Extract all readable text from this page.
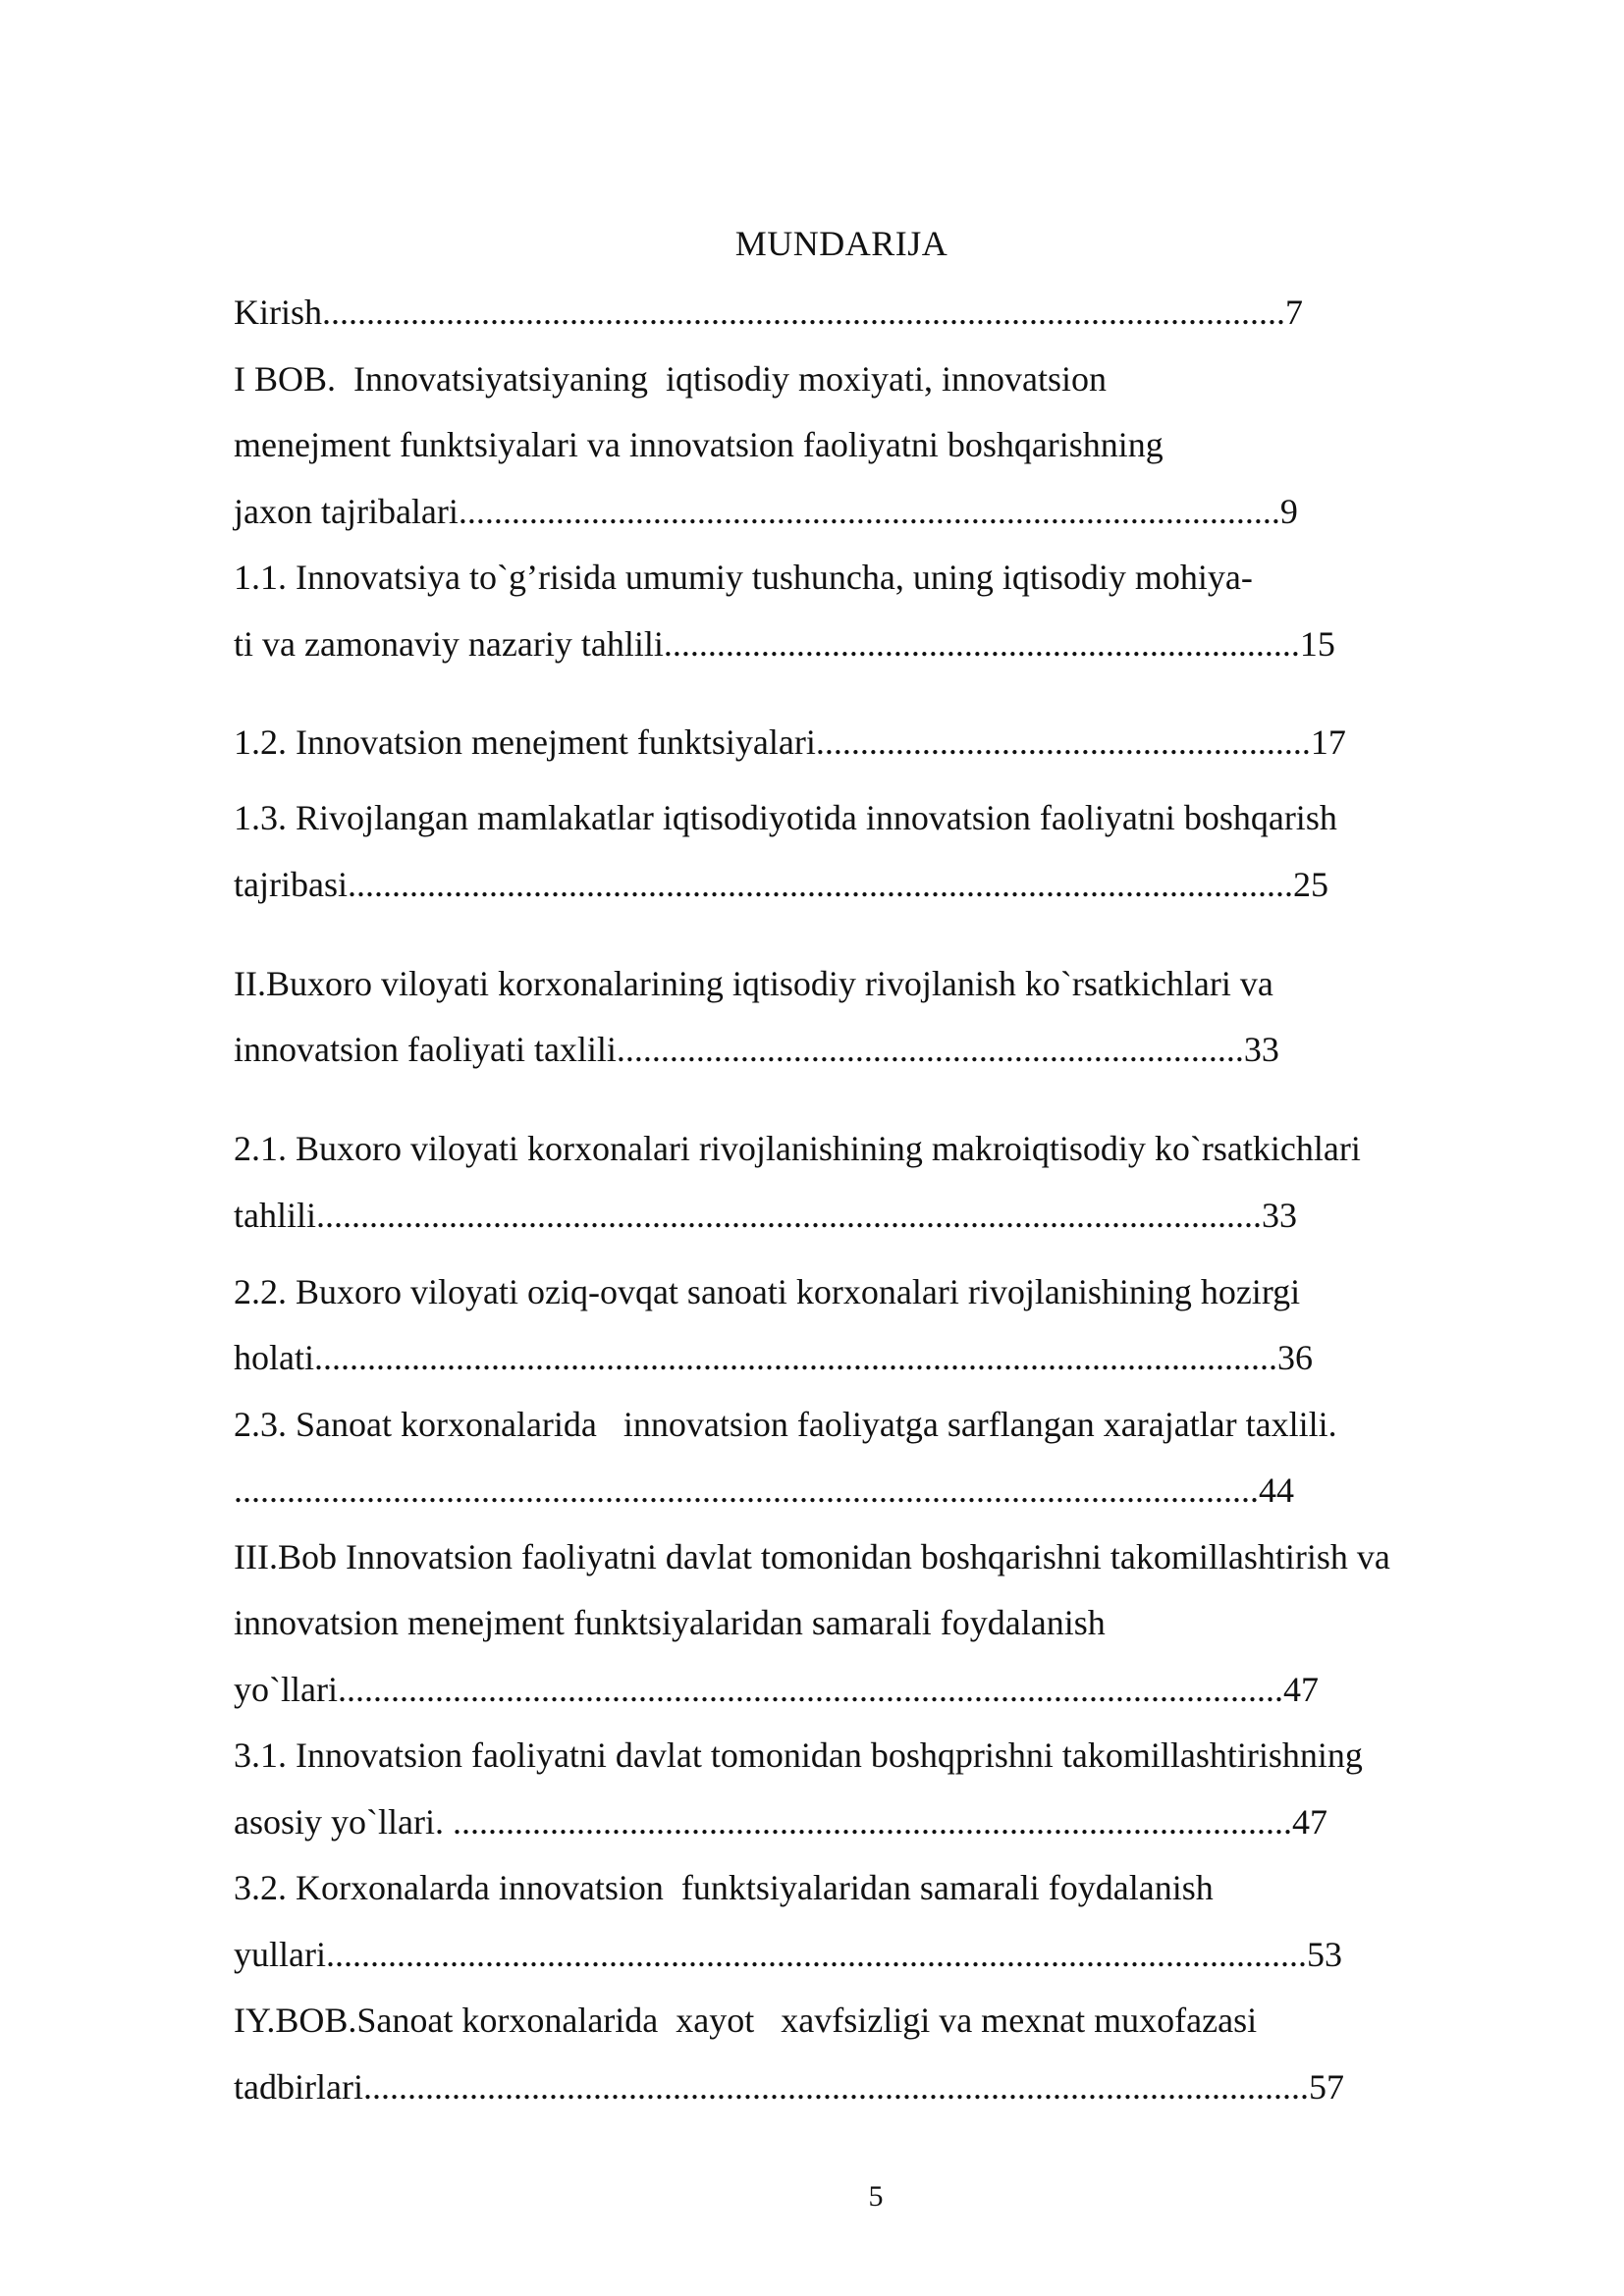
MUNDARIJA
Kirish.............................................................................................................7
I BOB.  Innovatsiyatsiyaning  iqtisodiy moxiyati, innovatsion
menejment funktsiyalari va innovatsion faoliyatni boshqarishning
jaxon tajribalari.............................................................................................9
1.1. Innovatsiya to`g’risida umumiy tushuncha, uning iqtisodiy mohiya-
ti va zamonaviy nazariy tahlili........................................................................15
1.2. Innovatsion menejment funktsiyalari........................................................17
1.3. Rivojlangan mamlakatlar iqtisodiyotida innovatsion faoliyatni boshqarish
tajribasi...........................................................................................................25
II.Buxoro viloyati korxonalarining iqtisodiy rivojlanish ko`rsatkichlari va
innovatsion faoliyati taxlili.......................................................................33
2.1. Buxoro viloyati korxonalari rivojlanishining makroiqtisodiy ko`rsatkichlari
tahlili...........................................................................................................33
2.2. Buxoro viloyati oziq-ovqat sanoati korxonalari rivojlanishining hozirgi
holati.............................................................................................................36
2.3. Sanoat korxonalarida   innovatsion faoliyatga sarflangan xarajatlar taxlili.
....................................................................................................................44
III.Bob Innovatsion faoliyatni davlat tomonidan boshqarishni takomillashtirish va
innovatsion menejment funktsiyalaridan samarali foydalanish
yo`llari...........................................................................................................47
3.1. Innovatsion faoliyatni davlat tomonidan boshqprishni takomillashtirishning
asosiy yo`llari. ...............................................................................................47
3.2. Korxonalarda innovatsion  funktsiyalaridan samarali foydalanish
yullari...............................................................................................................53
IY.BOB.Sanoat korxonalarida  xayot   xavfsizligi va mexnat muxofazasi
tadbirlari...........................................................................................................57
5
